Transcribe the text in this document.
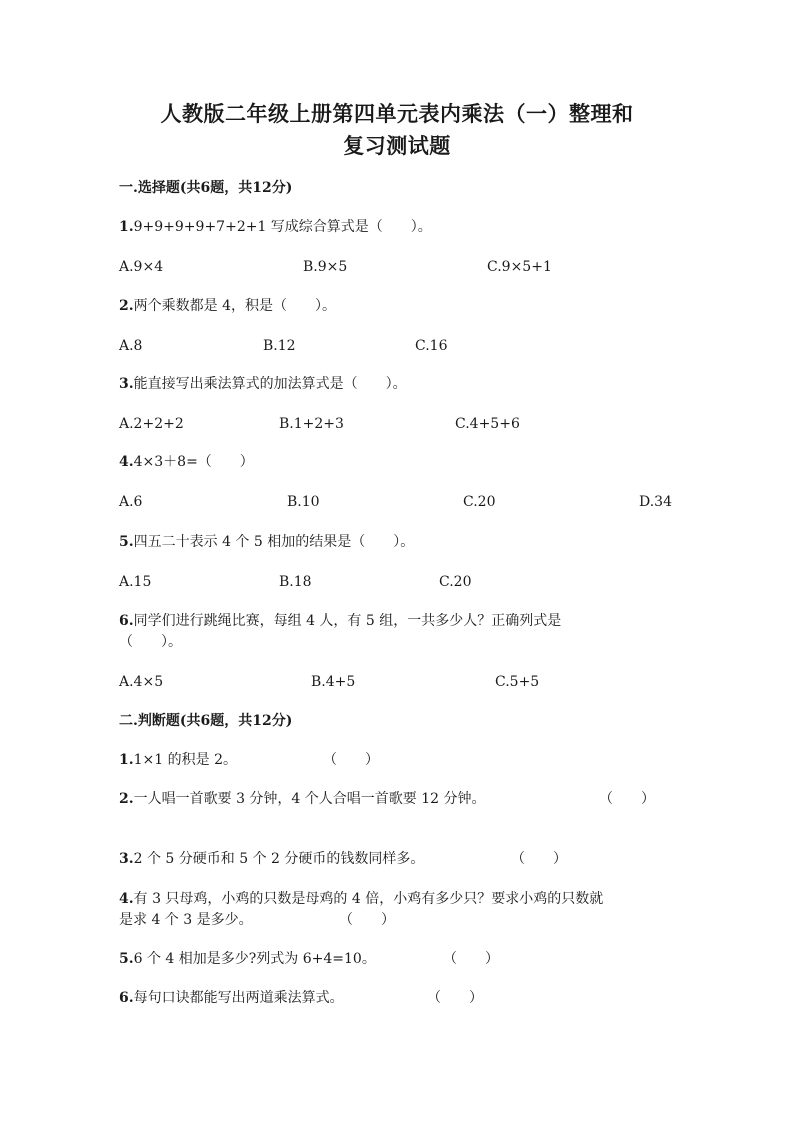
人教版二年级上册第四单元表内乘法（一）整理和
复习测试题
一.选择题(共6题，共12分)
1.9+9+9+9+7+2+1 写成综合算式是（　　）。
A.9×4	B.9×5	C.9×5+1
2.两个乘数都是 4，积是（　　）。
A.8	B.12	C.16
3.能直接写出乘法算式的加法算式是（　　）。
A.2+2+2	B.1+2+3	C.4+5+6
4.4×3＋8=（　　）
A.6	B.10	C.20	D.34
5.四五二十表示 4 个 5 相加的结果是（　　）。
A.15	B.18	C.20
6.同学们进行跳绳比赛，每组 4 人，有 5 组，一共多少人？正确列式是
（　　）。
A.4×5	B.4+5	C.5+5
二.判断题(共6题，共12分)
1.1×1 的积是 2。	（　　）
2.一人唱一首歌要 3 分钟，4 个人合唱一首歌要 12 分钟。	（　　）
3.2 个 5 分硬币和 5 个 2 分硬币的钱数同样多。	（　　）
4.有 3 只母鸡，小鸡的只数是母鸡的 4 倍，小鸡有多少只？要求小鸡的只数就
是求 4 个 3 是多少。	（　　）
5.6 个 4 相加是多少?列式为 6+4=10。	（　　）
6.每句口诀都能写出两道乘法算式。	（　　）
